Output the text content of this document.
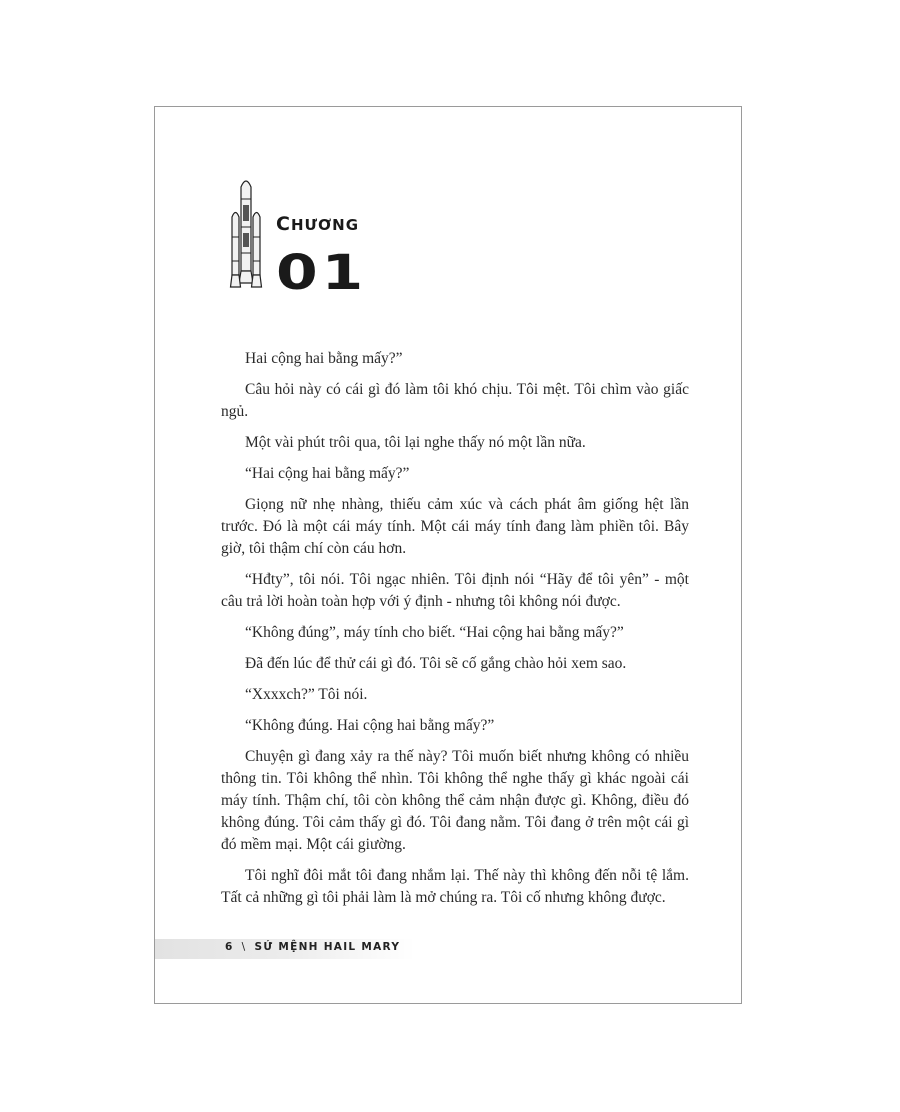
CHƯƠNG
01

Hai cộng hai bằng mấy?”

Câu hỏi này có cái gì đó làm tôi khó chịu. Tôi mệt. Tôi chìm vào giấc ngủ.

Một vài phút trôi qua, tôi lại nghe thấy nó một lần nữa.

“Hai cộng hai bằng mấy?”

Giọng nữ nhẹ nhàng, thiếu cảm xúc và cách phát âm giống hệt lần trước. Đó là một cái máy tính. Một cái máy tính đang làm phiền tôi. Bây giờ, tôi thậm chí còn cáu hơn.

“Hđty”, tôi nói. Tôi ngạc nhiên. Tôi định nói “Hãy để tôi yên” - một câu trả lời hoàn toàn hợp với ý định - nhưng tôi không nói được.

“Không đúng”, máy tính cho biết. “Hai cộng hai bằng mấy?”

Đã đến lúc để thử cái gì đó. Tôi sẽ cố gắng chào hỏi xem sao.

“Xxxxch?” Tôi nói.

“Không đúng. Hai cộng hai bằng mấy?”

Chuyện gì đang xảy ra thế này? Tôi muốn biết nhưng không có nhiều thông tin. Tôi không thể nhìn. Tôi không thể nghe thấy gì khác ngoài cái máy tính. Thậm chí, tôi còn không thể cảm nhận được gì. Không, điều đó không đúng. Tôi cảm thấy gì đó. Tôi đang nằm. Tôi đang ở trên một cái gì đó mềm mại. Một cái giường.

Tôi nghĩ đôi mắt tôi đang nhắm lại. Thế này thì không đến nỗi tệ lắm. Tất cả những gì tôi phải làm là mở chúng ra. Tôi cố nhưng không được.

6 \ SỨ MỆNH HAIL MARY
